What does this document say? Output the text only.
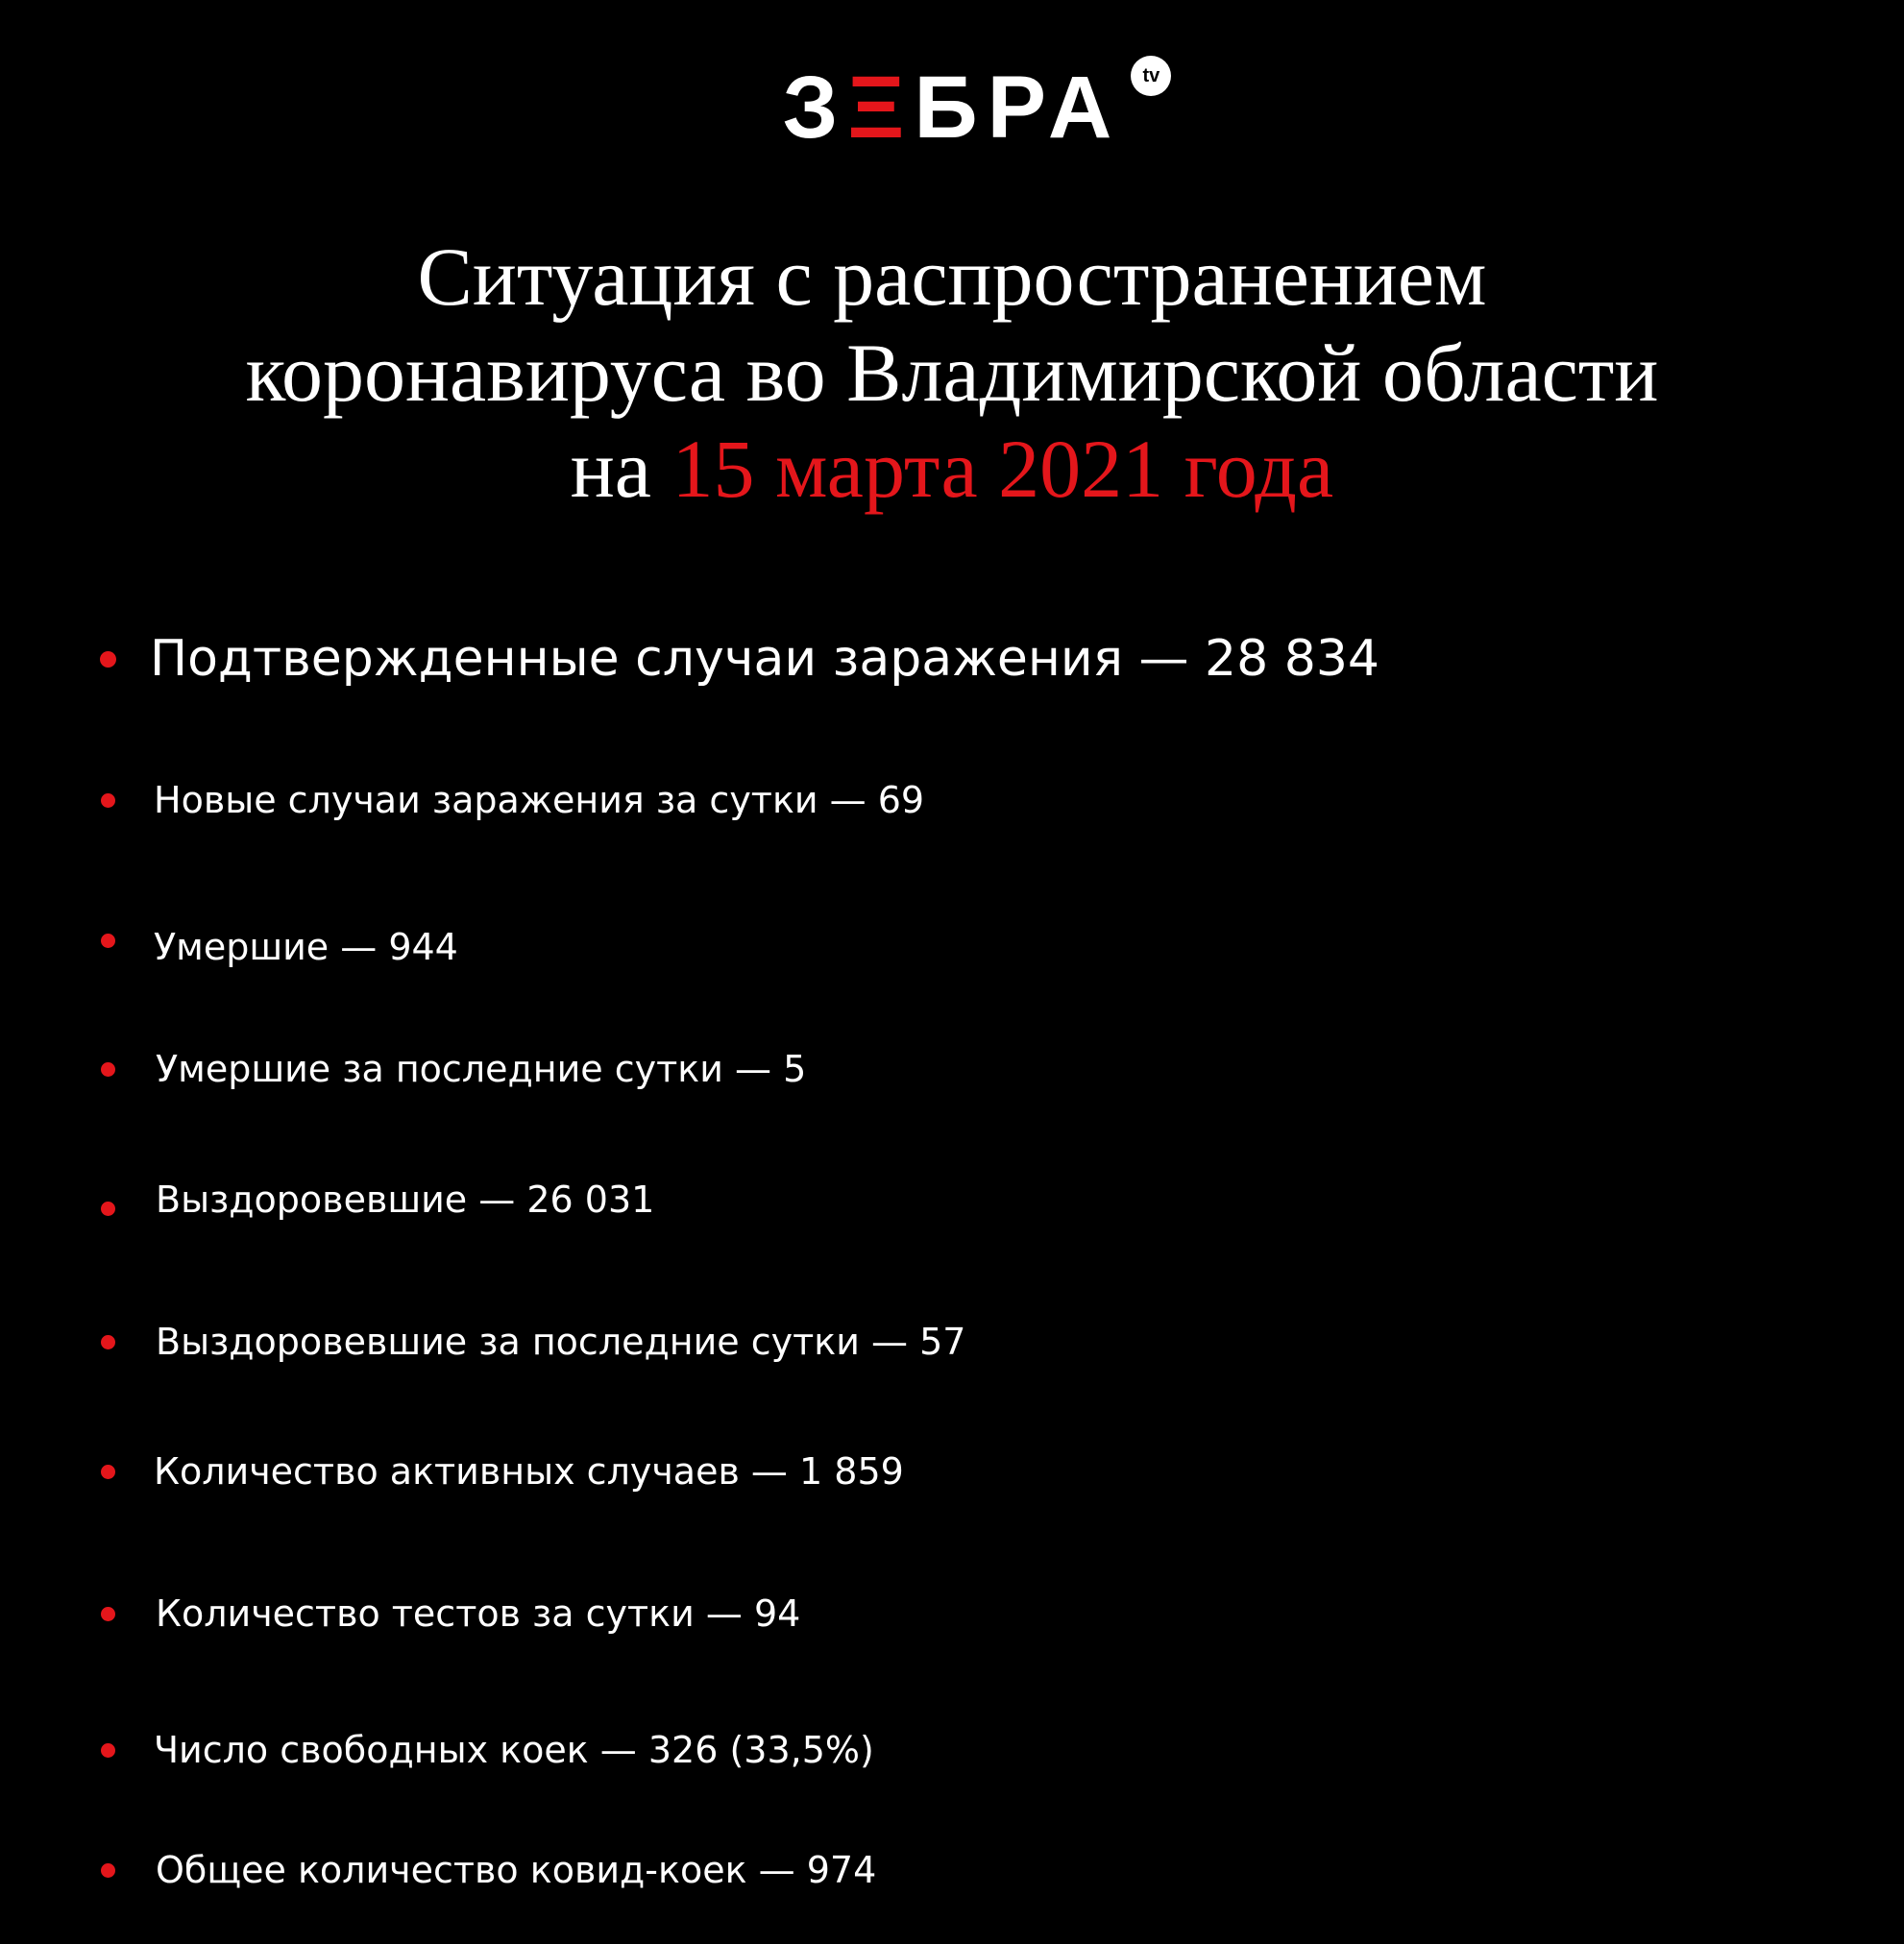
ЗΞБРА	tv
Ситуация с распространением
коронавируса во Владимирской области
на 15 марта 2021 года
Подтвержденные случаи заражения — 28 834
Новые случаи заражения за сутки — 69
Умершие — 944
Умершие за последние сутки — 5
Выздоровевшие — 26 031
Выздоровевшие за последние сутки — 57
Количество активных случаев — 1 859
Количество тестов за сутки — 94
Число свободных коек — 326 (33,5%)
Общее количество ковид-коек — 974
